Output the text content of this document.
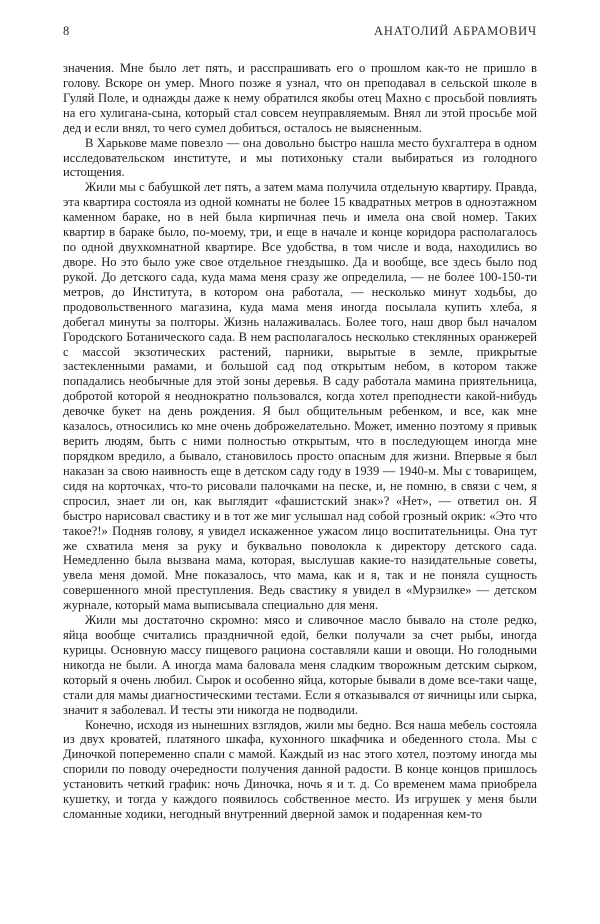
8	АНАТОЛИЙ АБРАМОВИЧ

значения. Мне было лет пять, и расспрашивать его о прошлом как-то не пришло в голову. Вскоре он умер. Много позже я узнал, что он преподавал в сельской школе в Гуляй Поле, и однажды даже к нему обратился якобы отец Махно с просьбой повлиять на его хулигана-сына, который стал совсем неуправляемым. Внял ли этой просьбе мой дед и если внял, то чего сумел добиться, осталось не выясненным.

В Харькове маме повезло — она довольно быстро нашла место бухгалтера в одном исследовательском институте, и мы потихоньку стали выбираться из голодного истощения.

Жили мы с бабушкой лет пять, а затем мама получила отдельную квартиру. Правда, эта квартира состояла из одной комнаты не более 15 квадратных метров в одноэтажном каменном бараке, но в ней была кирпичная печь и имела она свой номер. Таких квартир в бараке было, по-моему, три, и еще в начале и конце коридора располагалось по одной двухкомнатной квартире. Все удобства, в том числе и вода, находились во дворе. Но это было уже свое отдельное гнездышко. Да и вообще, все здесь было под рукой. До детского сада, куда мама меня сразу же определила, — не более 100-150-ти метров, до Института, в котором она работала, — несколько минут ходьбы, до продовольственного магазина, куда мама меня иногда посылала купить хлеба, я добегал минуты за полторы. Жизнь налаживалась. Более того, наш двор был началом Городского Ботанического сада. В нем располагалось несколько стеклянных оранжерей с массой экзотических растений, парники, вырытые в земле, прикрытые застекленными рамами, и большой сад под открытым небом, в котором также попадались необычные для этой зоны деревья. В саду работала мамина приятельница, добротой которой я неоднократно пользовался, когда хотел преподнести какой-нибудь девочке букет на день рождения. Я был общительным ребенком, и все, как мне казалось, относились ко мне очень доброжелательно. Может, именно поэтому я привык верить людям, быть с ними полностью открытым, что в последующем иногда мне порядком вредило, а бывало, становилось просто опасным для жизни. Впервые я был наказан за свою наивность еще в детском саду году в 1939 — 1940-м. Мы с товарищем, сидя на корточках, что-то рисовали палочками на песке, и, не помню, в связи с чем, я спросил, знает ли он, как выглядит «фашистский знак»? «Нет», — ответил он. Я быстро нарисовал свастику и в тот же миг услышал над собой грозный окрик: «Это что такое?!» Подняв голову, я увидел искаженное ужасом лицо воспитательницы. Она тут же схватила меня за руку и буквально поволокла к директору детского сада. Немедленно была вызвана мама, которая, выслушав какие-то назидательные советы, увела меня домой. Мне показалось, что мама, как и я, так и не поняла сущность совершенного мной преступления. Ведь свастику я увидел в «Мурзилке» — детском журнале, который мама выписывала специально для меня.

Жили мы достаточно скромно: мясо и сливочное масло бывало на столе редко, яйца вообще считались праздничной едой, белки получали за счет рыбы, иногда курицы. Основную массу пищевого рациона составляли каши и овощи. Но голодными никогда не были. А иногда мама баловала меня сладким творожным детским сырком, который я очень любил. Сырок и особенно яйца, которые бывали в доме все-таки чаще, стали для мамы диагностическими тестами. Если я отказывался от яичницы или сырка, значит я заболевал. И тесты эти никогда не подводили.

Конечно, исходя из нынешних взглядов, жили мы бедно. Вся наша мебель состояла из двух кроватей, платяного шкафа, кухонного шкафчика и обеденного стола. Мы с Диночкой попеременно спали с мамой. Каждый из нас этого хотел, поэтому иногда мы спорили по поводу очередности получения данной радости. В конце концов пришлось установить четкий график: ночь Диночка, ночь я и т. д. Со временем мама приобрела кушетку, и тогда у каждого появилось собственное место. Из игрушек у меня были сломанные ходики, негодный внутренний дверной замок и подаренная кем-то
